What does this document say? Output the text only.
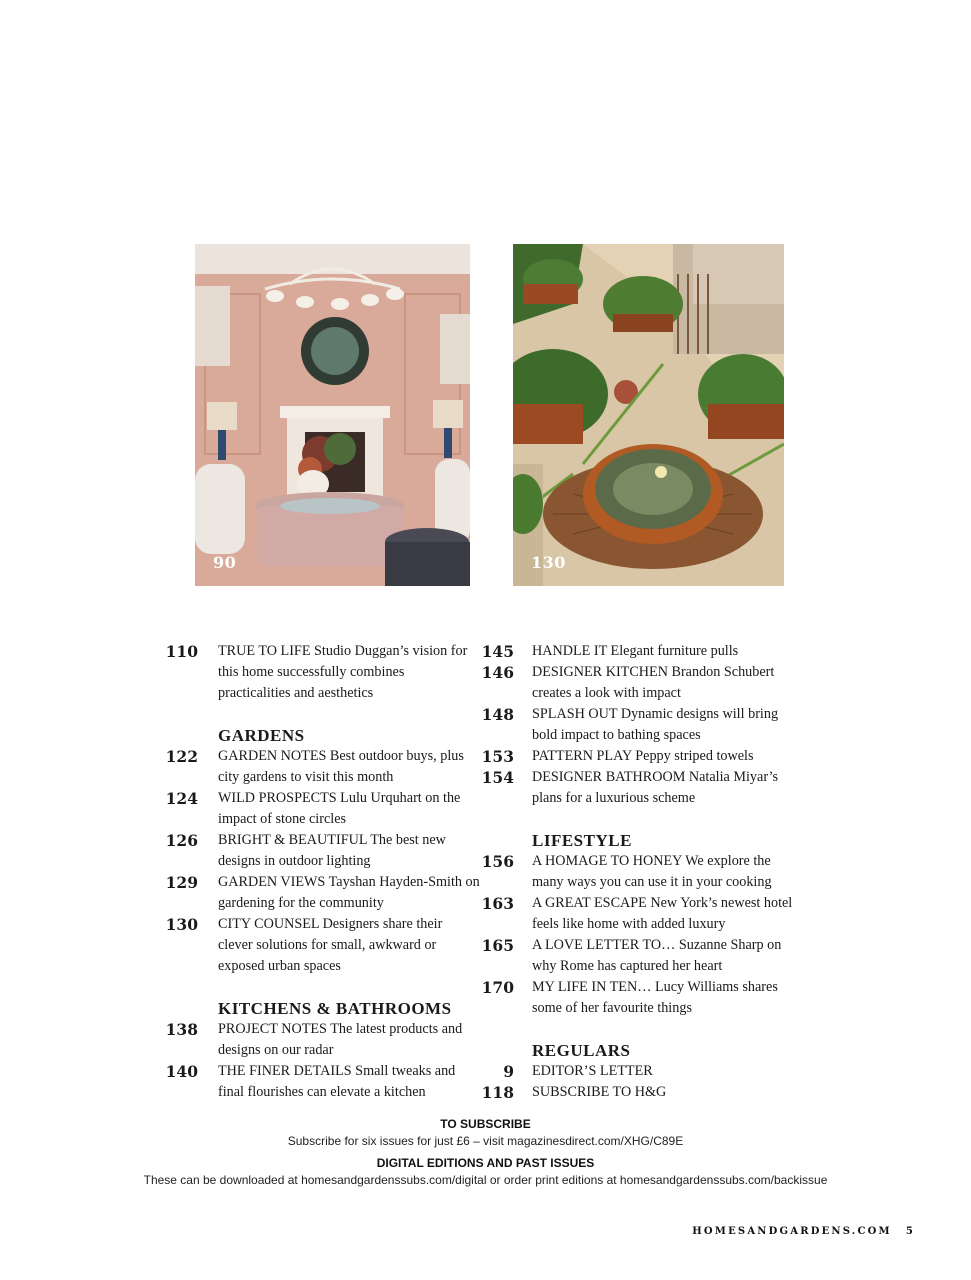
90	130
110 TRUE TO LIFE Studio Duggan’s vision for this home successfully combines practicalities and aesthetics
GARDENS
122 GARDEN NOTES Best outdoor buys, plus city gardens to visit this month
124 WILD PROSPECTS Lulu Urquhart on the impact of stone circles
126 BRIGHT & BEAUTIFUL The best new designs in outdoor lighting
129 GARDEN VIEWS Tayshan Hayden-Smith on gardening for the community
130 CITY COUNSEL Designers share their clever solutions for small, awkward or exposed urban spaces
KITCHENS & BATHROOMS
138 PROJECT NOTES The latest products and designs on our radar
140 THE FINER DETAILS Small tweaks and final flourishes can elevate a kitchen
145 HANDLE IT Elegant furniture pulls
146 DESIGNER KITCHEN Brandon Schubert creates a look with impact
148 SPLASH OUT Dynamic designs will bring bold impact to bathing spaces
153 PATTERN PLAY Peppy striped towels
154 DESIGNER BATHROOM Natalia Miyar’s plans for a luxurious scheme
LIFESTYLE
156 A HOMAGE TO HONEY We explore the many ways you can use it in your cooking
163 A GREAT ESCAPE New York’s newest hotel feels like home with added luxury
165 A LOVE LETTER TO… Suzanne Sharp on why Rome has captured her heart
170 MY LIFE IN TEN… Lucy Williams shares some of her favourite things
REGULARS
9 EDITOR’S LETTER
118 SUBSCRIBE TO H&G
TO SUBSCRIBE
Subscribe for six issues for just £6 – visit magazinesdirect.com/XHG/C89E
DIGITAL EDITIONS AND PAST ISSUES
These can be downloaded at homesandgardenssubs.com/digital or order print editions at homesandgardenssubs.com/backissue
HOMESANDGARDENS.COM 5
